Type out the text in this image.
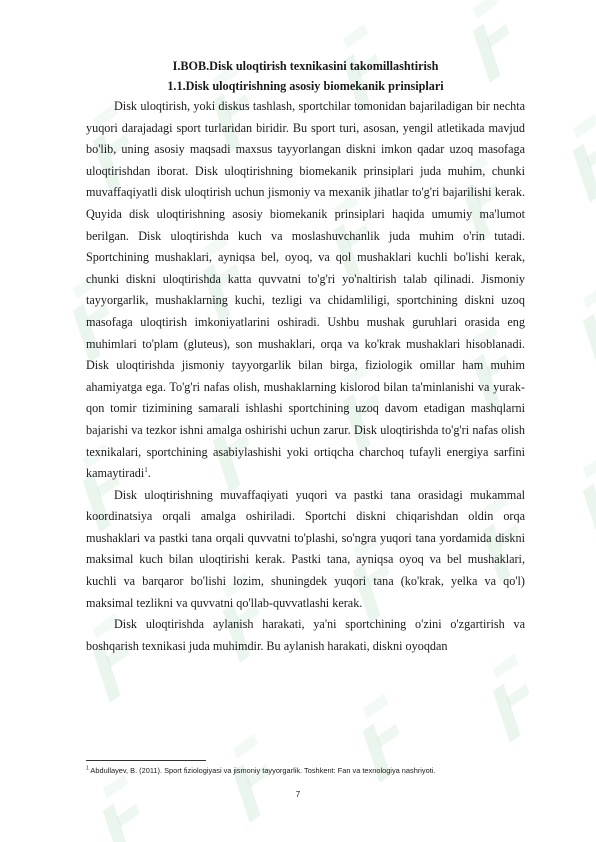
I.BOB.Disk uloqtirish texnikasini takomillashtirish

1.1.Disk uloqtirishning asosiy biomekanik prinsiplari

Disk uloqtirish, yoki diskus tashlash, sportchilar tomonidan bajariladigan bir nechta yuqori darajadagi sport turlaridan biridir. Bu sport turi, asosan, yengil atletikada mavjud bo'lib, uning asosiy maqsadi maxsus tayyorlangan diskni imkon qadar uzoq masofaga uloqtirishdan iborat. Disk uloqtirishning biomekanik prinsiplari juda muhim, chunki muvaffaqiyatli disk uloqtirish uchun jismoniy va mexanik jihatlar to'g'ri bajarilishi kerak. Quyida disk uloqtirishning asosiy biomekanik prinsiplari haqida umumiy ma'lumot berilgan. Disk uloqtirishda kuch va moslashuvchanlik juda muhim o'rin tutadi. Sportchining mushaklari, ayniqsa bel, oyoq, va qol mushaklari kuchli bo'lishi kerak, chunki diskni uloqtirishda katta quvvatni to'g'ri yo'naltirish talab qilinadi. Jismoniy tayyorgarlik, mushaklarning kuchi, tezligi va chidamliligi, sportchining diskni uzoq masofaga uloqtirish imkoniyatlarini oshiradi. Ushbu mushak guruhlari orasida eng muhimlari to'plam (gluteus), son mushaklari, orqa va ko'krak mushaklari hisoblanadi. Disk uloqtirishda jismoniy tayyorgarlik bilan birga, fiziologik omillar ham muhim ahamiyatga ega. To'g'ri nafas olish, mushaklarning kislorod bilan ta'minlanishi va yurak-qon tomir tizimining samarali ishlashi sportchining uzoq davom etadigan mashqlarni bajarishi va tezkor ishni amalga oshirishi uchun zarur. Disk uloqtirishda to'g'ri nafas olish texnikalari, sportchining asabiylashishi yoki ortiqcha charchoq tufayli energiya sarfini kamaytiradi$^1$.

Disk uloqtirishning muvaffaqiyati yuqori va pastki tana orasidagi mukammal koordinatsiya orqali amalga oshiriladi. Sportchi diskni chiqarishdan oldin orqa mushaklari va pastki tana orqali quvvatni to'plashi, so'ngra yuqori tana yordamida diskni maksimal kuch bilan uloqtirishi kerak. Pastki tana, ayniqsa oyoq va bel mushaklari, kuchli va barqaror bo'lishi lozim, shuningdek yuqori tana (ko'krak, yelka va qo'l) maksimal tezlikni va quvvatni qo'llab-quvvatlashi kerak.

Disk uloqtirishda aylanish harakati, ya'ni sportchining o'zini o'zgartirish va boshqarish texnikasi juda muhimdir. Bu aylanish harakati, diskni oyoqdan

$^1$ Abdullayev, B. (2011). Sport fiziologiyasi va jismoniy tayyorgarlik. Toshkent: Fan va texnologiya nashriyoti.
7
